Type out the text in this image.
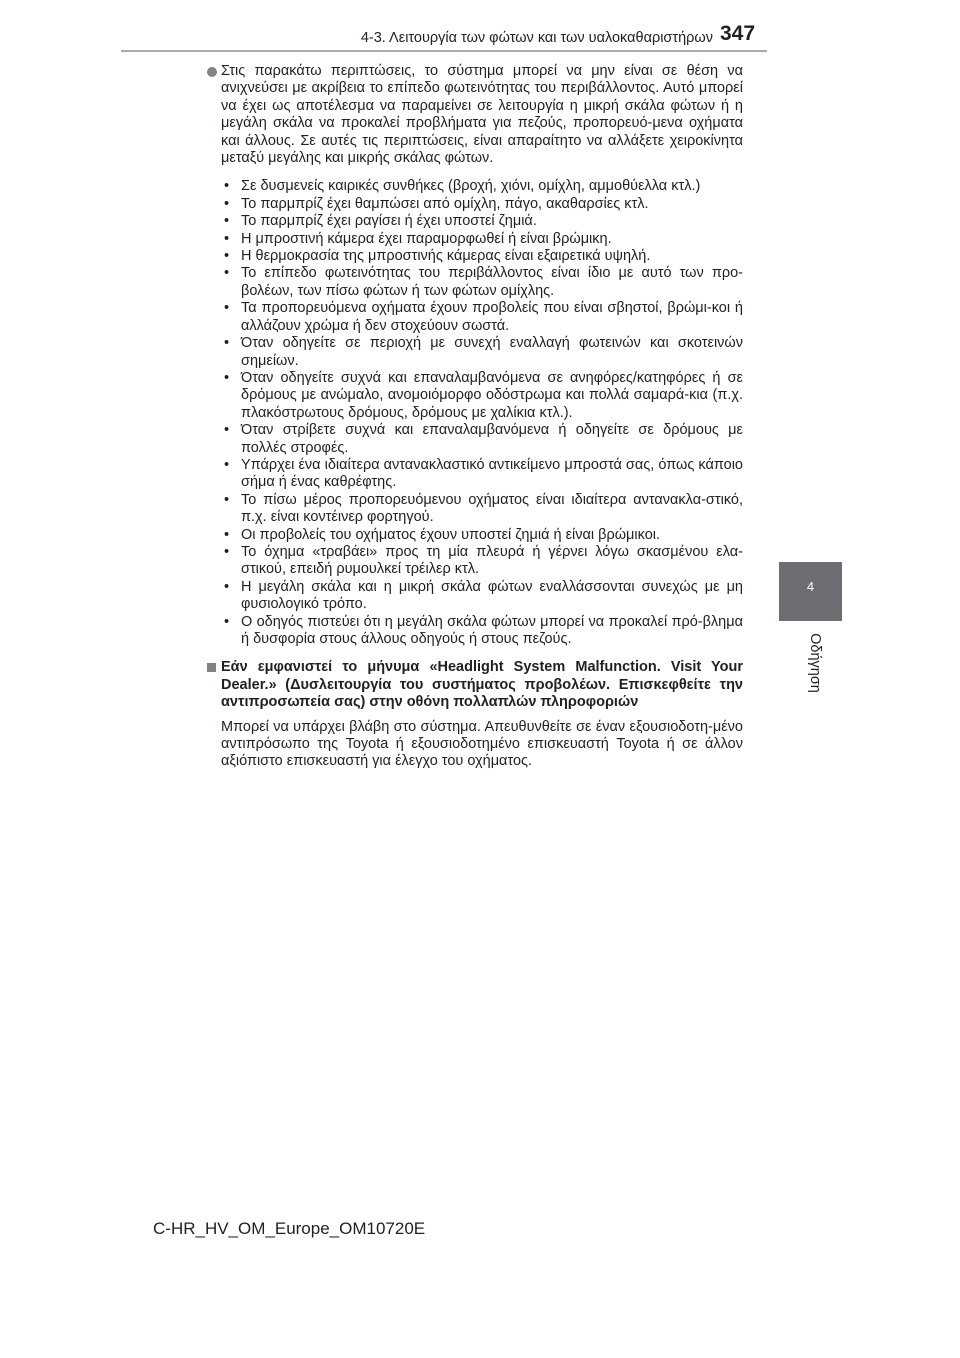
4-3. Λειτουργία των φώτων και των υαλοκαθαριστήρων 347
4
Οδήγηση

Στις παρακάτω περιπτώσεις, το σύστημα μπορεί να μην είναι σε θέση να ανιχνεύσει με ακρίβεια το επίπεδο φωτεινότητας του περιβάλλοντος. Αυτό μπορεί να έχει ως αποτέλεσμα να παραμείνει σε λειτουργία η μικρή σκάλα φώτων ή η μεγάλη σκάλα να προκαλεί προβλήματα για πεζούς, προπορευό-μενα οχήματα και άλλους. Σε αυτές τις περιπτώσεις, είναι απαραίτητο να αλλάξετε χειροκίνητα μεταξύ μεγάλης και μικρής σκάλας φώτων.

• Σε δυσμενείς καιρικές συνθήκες (βροχή, χιόνι, ομίχλη, αμμοθύελλα κτλ.)
• Το παρμπρίζ έχει θαμπώσει από ομίχλη, πάγο, ακαθαρσίες κτλ.
• Το παρμπρίζ έχει ραγίσει ή έχει υποστεί ζημιά.
• Η μπροστινή κάμερα έχει παραμορφωθεί ή είναι βρώμικη.
• Η θερμοκρασία της μπροστινής κάμερας είναι εξαιρετικά υψηλή.
• Το επίπεδο φωτεινότητας του περιβάλλοντος είναι ίδιο με αυτό των προ-βολέων, των πίσω φώτων ή των φώτων ομίχλης.
• Τα προπορευόμενα οχήματα έχουν προβολείς που είναι σβηστοί, βρώμι-κοι ή αλλάζουν χρώμα ή δεν στοχεύουν σωστά.
• Όταν οδηγείτε σε περιοχή με συνεχή εναλλαγή φωτεινών και σκοτεινών σημείων.
• Όταν οδηγείτε συχνά και επαναλαμβανόμενα σε ανηφόρες/κατηφόρες ή σε δρόμους με ανώμαλο, ανομοιόμορφο οδόστρωμα και πολλά σαμαρά-κια (π.χ. πλακόστρωτους δρόμους, δρόμους με χαλίκια κτλ.).
• Όταν στρίβετε συχνά και επαναλαμβανόμενα ή οδηγείτε σε δρόμους με πολλές στροφές.
• Υπάρχει ένα ιδιαίτερα αντανακλαστικό αντικείμενο μπροστά σας, όπως κάποιο σήμα ή ένας καθρέφτης.
• Το πίσω μέρος προπορευόμενου οχήματος είναι ιδιαίτερα αντανακλα-στικό, π.χ. είναι κοντέινερ φορτηγού.
• Οι προβολείς του οχήματος έχουν υποστεί ζημιά ή είναι βρώμικοι.
• Το όχημα «τραβάει» προς τη μία πλευρά ή γέρνει λόγω σκασμένου ελα-στικού, επειδή ρυμουλκεί τρέιλερ κτλ.
• Η μεγάλη σκάλα και η μικρή σκάλα φώτων εναλλάσσονται συνεχώς με μη φυσιολογικό τρόπο.
• Ο οδηγός πιστεύει ότι η μεγάλη σκάλα φώτων μπορεί να προκαλεί πρό-βλημα ή δυσφορία στους άλλους οδηγούς ή στους πεζούς.
Εάν εμφανιστεί το μήνυμα «Headlight System Malfunction. Visit Your Dealer.» (Δυσλειτουργία του συστήματος προβολέων. Επισκεφθείτε την αντιπροσωπεία σας) στην οθόνη πολλαπλών πληροφοριών

Μπορεί να υπάρχει βλάβη στο σύστημα. Απευθυνθείτε σε έναν εξουσιοδοτη-μένο αντιπρόσωπο της Toyota ή εξουσιοδοτημένο επισκευαστή Toyota ή σε άλλον αξιόπιστο επισκευαστή για έλεγχο του οχήματος.

C-HR_HV_OM_Europe_OM10720E
